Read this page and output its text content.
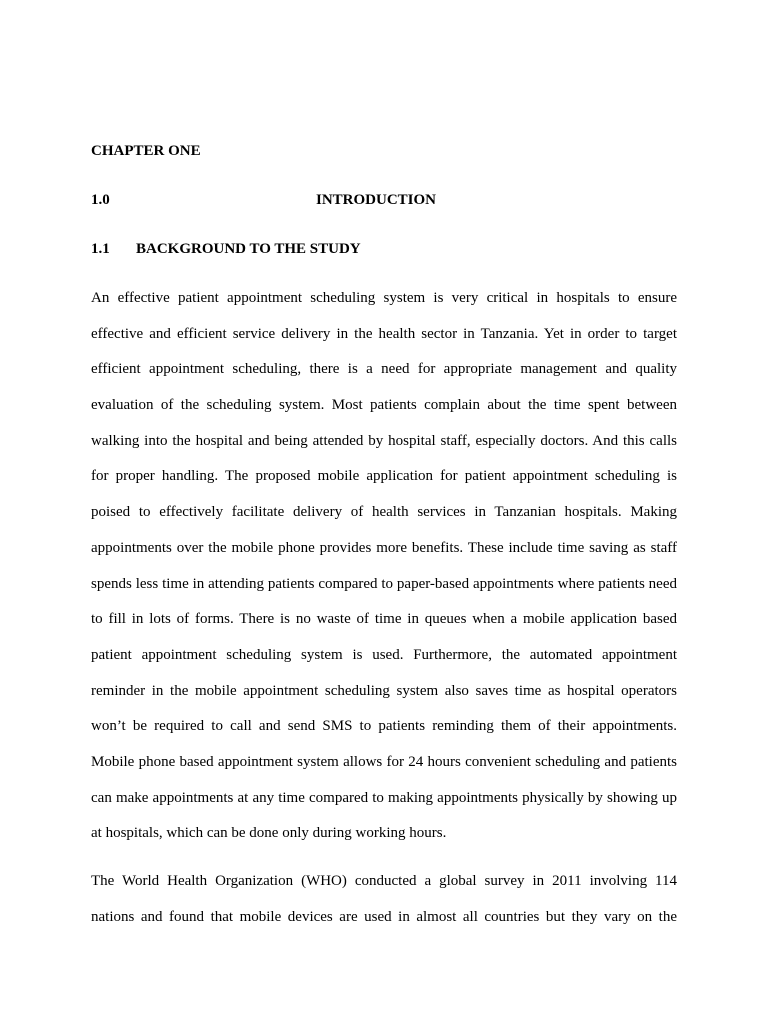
CHAPTER ONE
1.0	INTRODUCTION
1.1 BACKGROUND TO THE STUDY
An effective patient appointment scheduling system is very critical in hospitals to ensure
effective and efficient service delivery in the health sector in Tanzania. Yet in order to target
efficient appointment scheduling, there is a need for appropriate management and quality
evaluation of the scheduling system. Most patients complain about the time spent between
walking into the hospital and being attended by hospital staff, especially doctors. And this calls
for proper handling. The proposed mobile application for patient appointment scheduling is
poised to effectively facilitate delivery of health services in Tanzanian hospitals. Making
appointments over the mobile phone provides more benefits. These include time saving as staff
spends less time in attending patients compared to paper-based appointments where patients need
to fill in lots of forms. There is no waste of time in queues when a mobile application based
patient appointment scheduling system is used. Furthermore, the automated appointment
reminder in the mobile appointment scheduling system also saves time as hospital operators
won’t be required to call and send SMS to patients reminding them of their appointments.
Mobile phone based appointment system allows for 24 hours convenient scheduling and patients
can make appointments at any time compared to making appointments physically by showing up
at hospitals, which can be done only during working hours.
The World Health Organization (WHO) conducted a global survey in 2011 involving 114
nations and found that mobile devices are used in almost all countries but they vary on the
